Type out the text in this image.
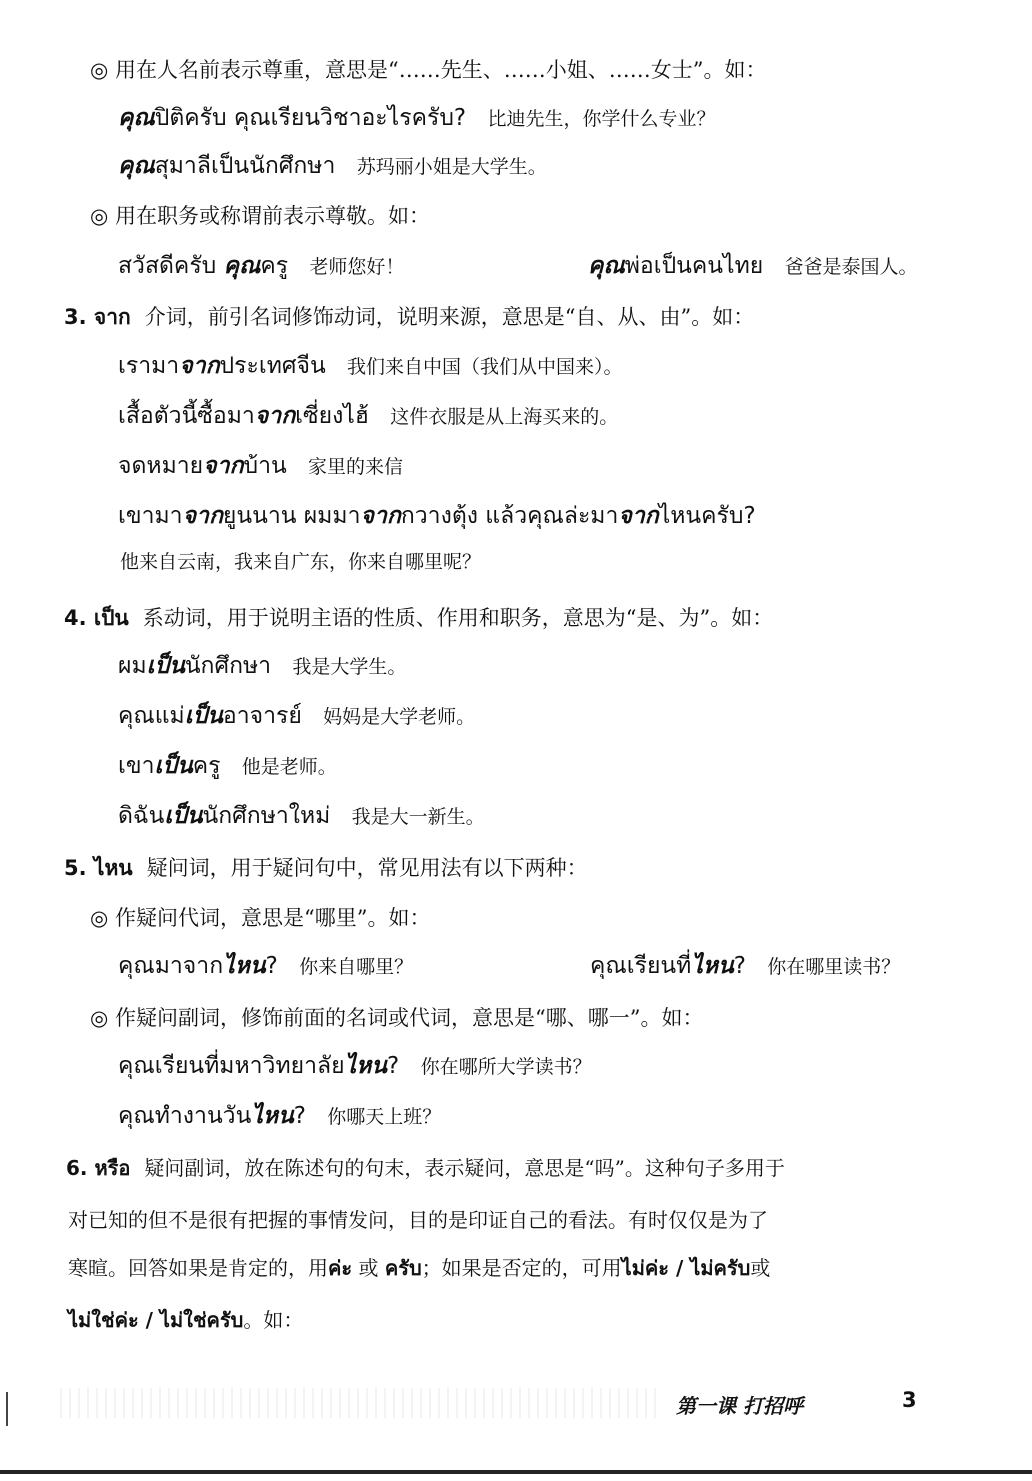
◎ 用在人名前表示尊重，意思是“……先生、……小姐、……女士”。如：
คุณปิติครับ คุณเรียนวิชาอะไรครับ? 比迪先生，你学什么专业？
คุณสุมาลีเป็นนักศึกษา 苏玛丽小姐是大学生。
◎ 用在职务或称谓前表示尊敬。如：
สวัสดีครับ คุณครู 老师您好！	คุณพ่อเป็นคนไทย 爸爸是泰国人。
3. จาก 介词，前引名词修饰动词，说明来源，意思是“自、从、由”。如：
เรามาจากประเทศจีน 我们来自中国（我们从中国来）。
เสื้อตัวนี้ซื้อมาจากเซี่ยงไฮ้ 这件衣服是从上海买来的。
จดหมายจากบ้าน 家里的来信
เขามาจากยูนนาน ผมมาจากกวางตุ้ง แล้วคุณล่ะมาจากไหนครับ?
他来自云南，我来自广东，你来自哪里呢？
4. เป็น 系动词，用于说明主语的性质、作用和职务，意思为“是、为”。如：
ผมเป็นนักศึกษา 我是大学生。
คุณแม่เป็นอาจารย์ 妈妈是大学老师。
เขาเป็นครู 他是老师。
ดิฉันเป็นนักศึกษาใหม่ 我是大一新生。
5. ไหน 疑问词，用于疑问句中，常见用法有以下两种：
◎ 作疑问代词，意思是“哪里”。如：
คุณมาจากไหน? 你来自哪里？	คุณเรียนที่ไหน? 你在哪里读书？
◎ 作疑问副词，修饰前面的名词或代词，意思是“哪、哪一”。如：
คุณเรียนที่มหาวิทยาลัยไหน? 你在哪所大学读书？
คุณทำงานวันไหน? 你哪天上班？
6. หรือ 疑问副词，放在陈述句的句末，表示疑问，意思是“吗”。这种句子多用于
对已知的但不是很有把握的事情发问，目的是印证自己的看法。有时仅仅是为了
寒暄。回答如果是肯定的，用ค่ะ 或 ครับ；如果是否定的，可用ไม่ค่ะ / ไม่ครับ或
ไม่ใช่ค่ะ / ไม่ใช่ครับ。如：
第一课 打招呼	3
